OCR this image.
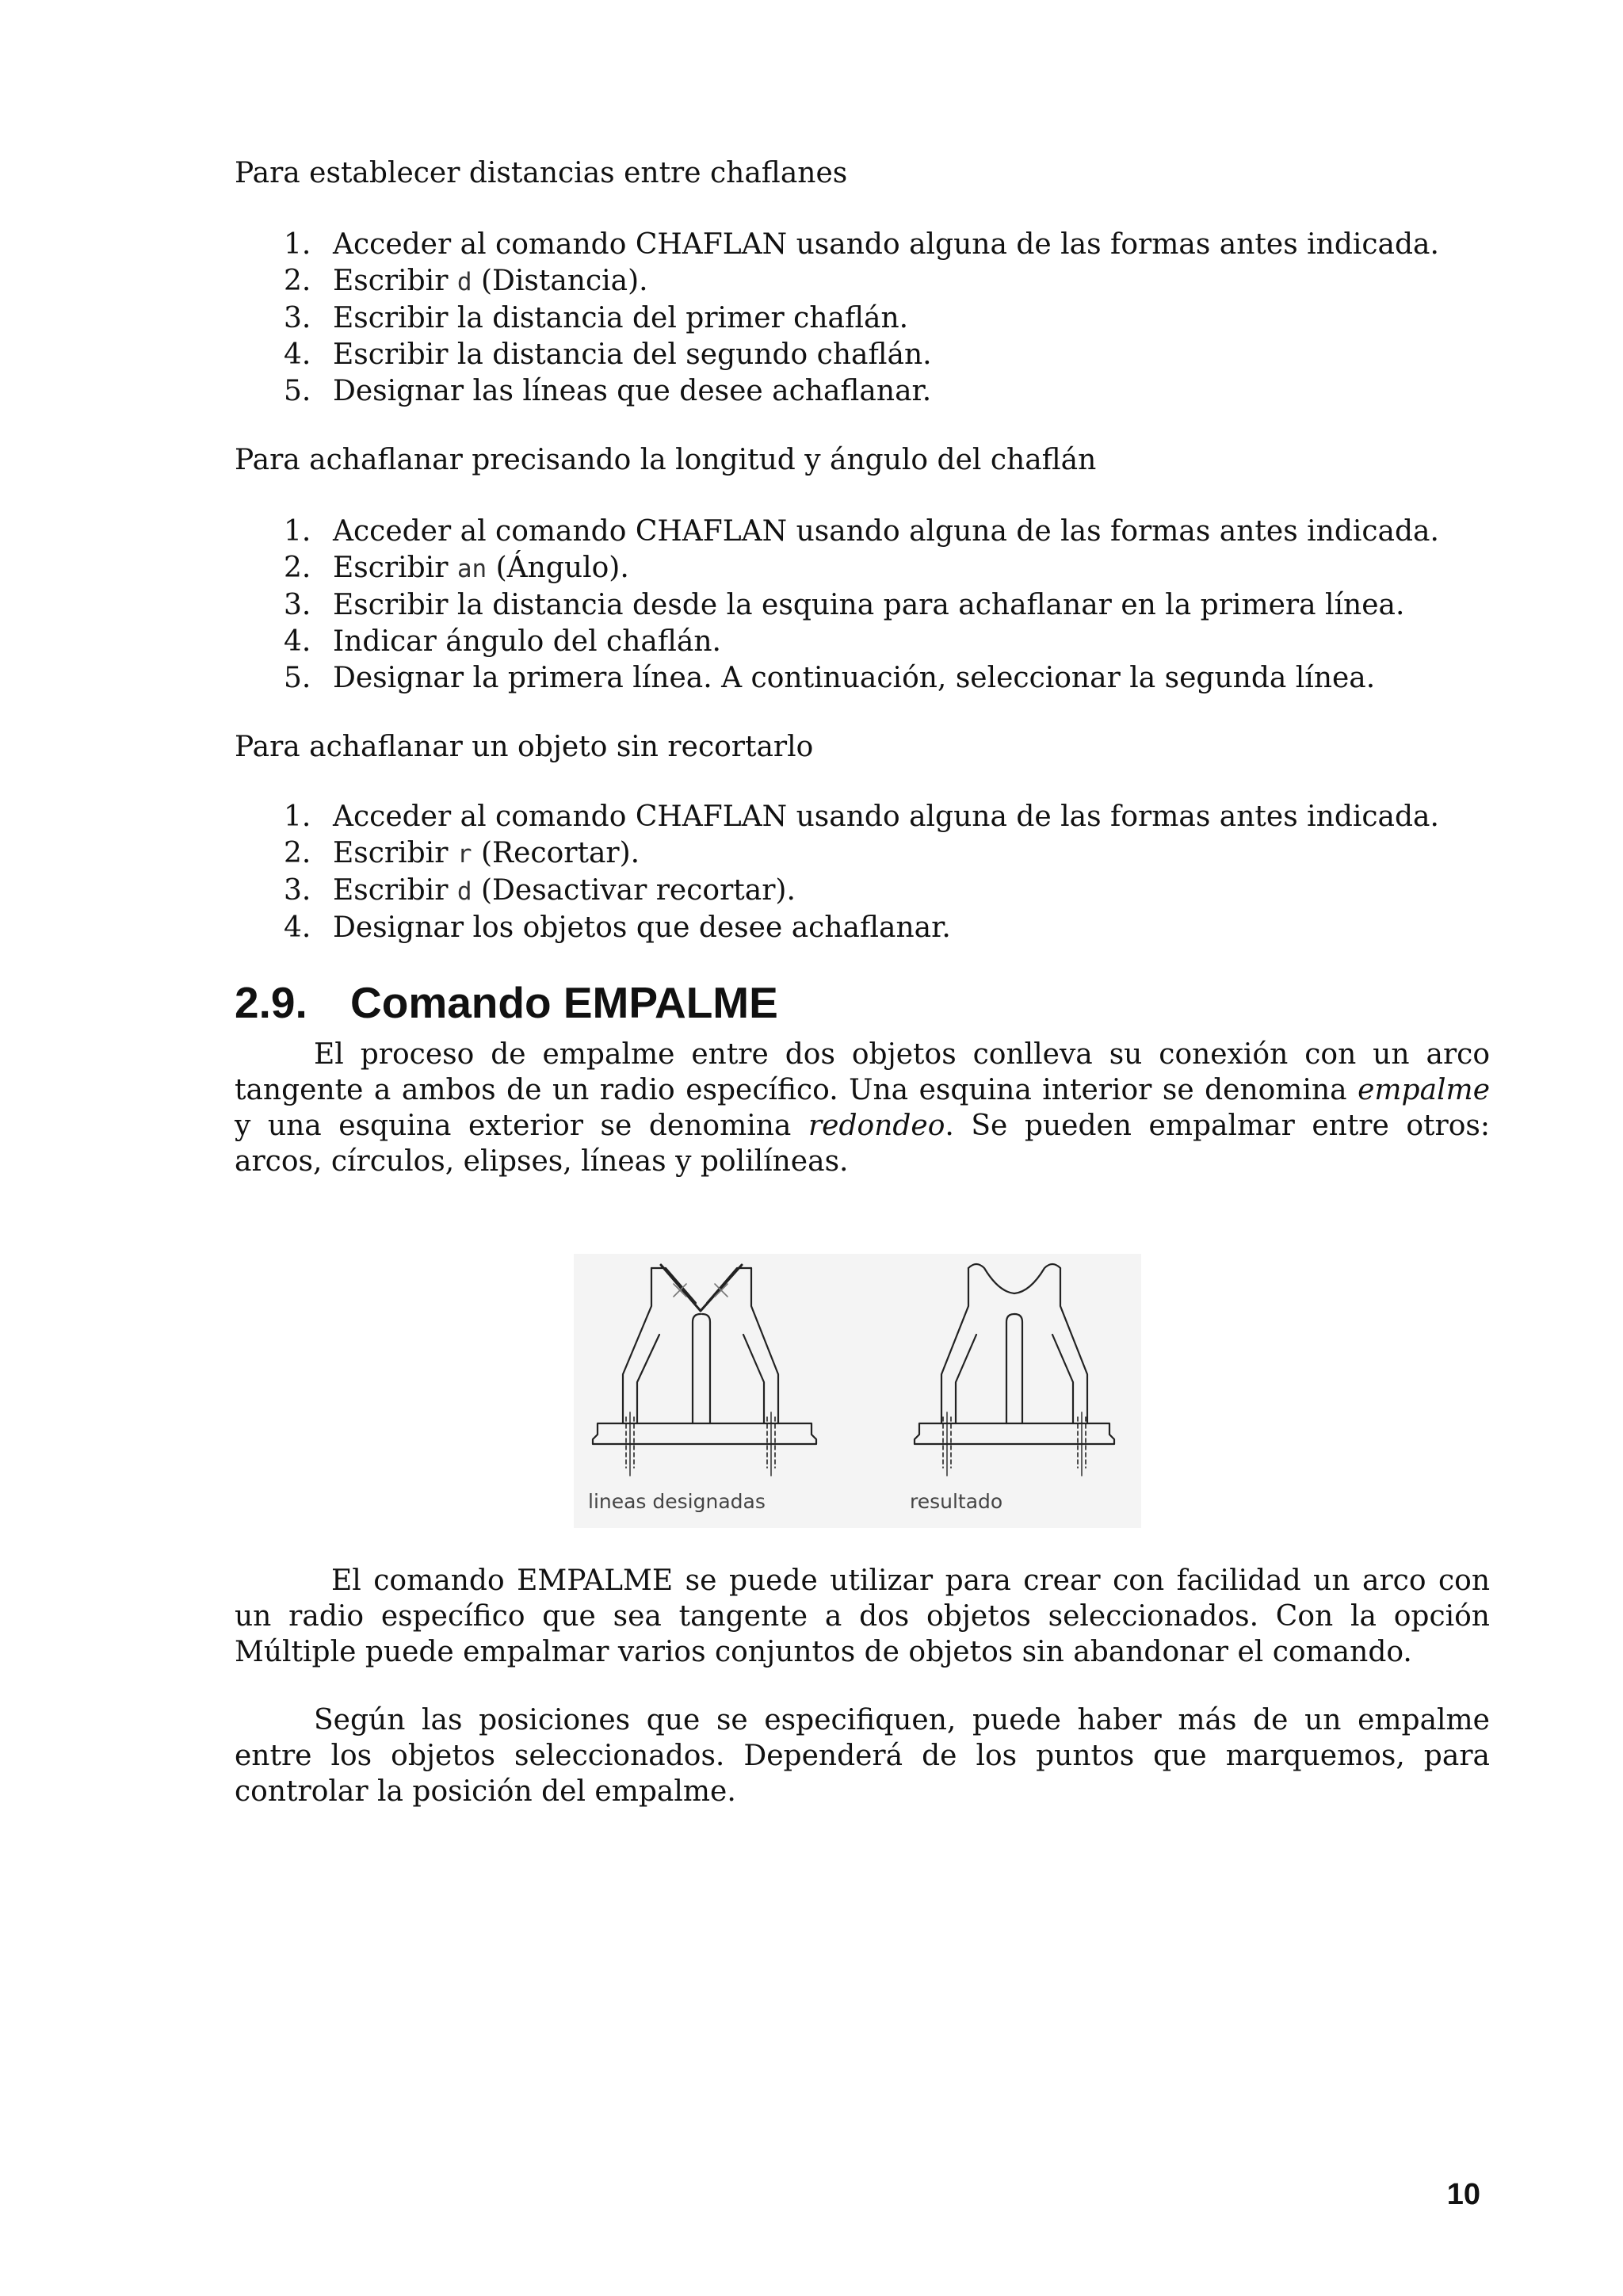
Para establecer distancias entre chaflanes

1. Acceder al comando CHAFLAN usando alguna de las formas antes indicada.
2. Escribir d (Distancia).
3. Escribir la distancia del primer chaflán.
4. Escribir la distancia del segundo chaflán.
5. Designar las líneas que desee achaflanar.

Para achaflanar precisando la longitud y ángulo del chaflán

1. Acceder al comando CHAFLAN usando alguna de las formas antes indicada.
2. Escribir an (Ángulo).
3. Escribir la distancia desde la esquina para achaflanar en la primera línea.
4. Indicar ángulo del chaflán.
5. Designar la primera línea. A continuación, seleccionar la segunda línea.

Para achaflanar un objeto sin recortarlo

1. Acceder al comando CHAFLAN usando alguna de las formas antes indicada.
2. Escribir r (Recortar).
3. Escribir d (Desactivar recortar).
4. Designar los objetos que desee achaflanar.
2.9. Comando EMPALME

El proceso de empalme entre dos objetos conlleva su conexión con un arco tangente a ambos de un radio específico. Una esquina interior se denomina empalme y una esquina exterior se denomina redondeo. Se pueden empalmar entre otros: arcos, círculos, elipses, líneas y polilíneas.

lineas designadas	resultado

El comando EMPALME se puede utilizar para crear con facilidad un arco con un radio específico que sea tangente a dos objetos seleccionados. Con la opción Múltiple puede empalmar varios conjuntos de objetos sin abandonar el comando.

Según las posiciones que se especifiquen, puede haber más de un empalme entre los objetos seleccionados. Dependerá de los puntos que marquemos, para controlar la posición del empalme.

10
